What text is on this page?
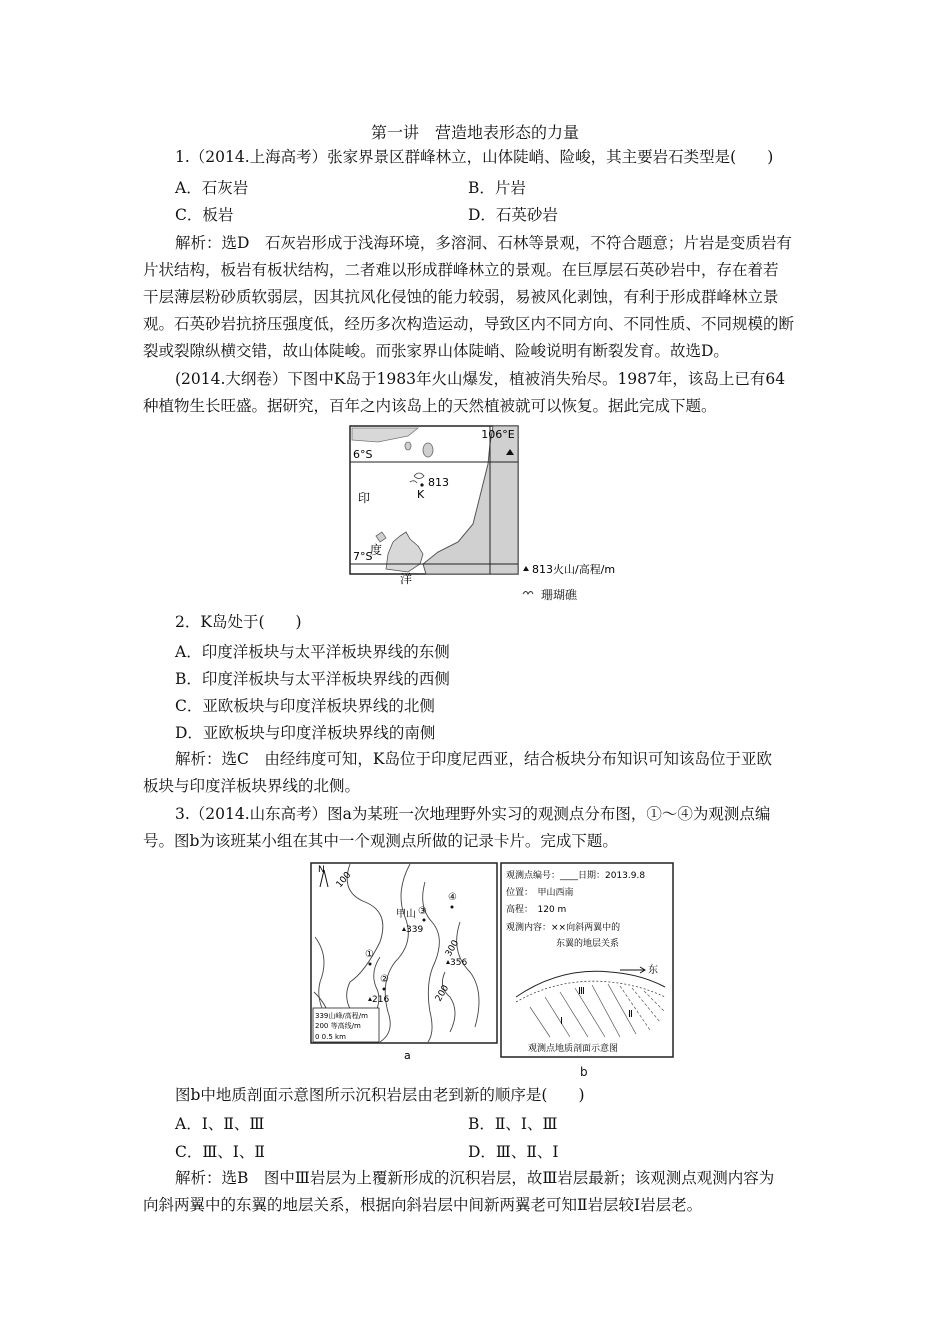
第一讲　营造地表形态的力量
1.（2014.上海高考）张家界景区群峰林立，山体陡峭、险峻，其主要岩石类型是(　　)
A．石灰岩	B．片岩
C．板岩	D．石英砂岩
解析：选D　石灰岩形成于浅海环境，多溶洞、石林等景观，不符合题意；片岩是变质岩有
片状结构，板岩有板状结构，二者难以形成群峰林立的景观。在巨厚层石英砂岩中，存在着若
干层薄层粉砂质软弱层，因其抗风化侵蚀的能力较弱，易被风化剥蚀，有利于形成群峰林立景
观。石英砂岩抗挤压强度低，经历多次构造运动，导致区内不同方向、不同性质、不同规模的断
裂或裂隙纵横交错，故山体陡峻。而张家界山体陡峭、险峻说明有断裂发育。故选D。
(2014.大纲卷）下图中K岛于1983年火山爆发，植被消失殆尽。1987年，该岛上已有64
种植物生长旺盛。据研究，百年之内该岛上的天然植被就可以恢复。据此完成下题。
106°E
6°S
7°S
K
813
印
度
洋
813火山/高程/m
珊瑚礁
2．K岛处于(　　)
A．印度洋板块与太平洋板块界线的东侧
B．印度洋板块与太平洋板块界线的西侧
C．亚欧板块与印度洋板块界线的北侧
D．亚欧板块与印度洋板块界线的南侧
解析：选C　由经纬度可知，K岛位于印度尼西亚，结合板块分布知识可知该岛位于亚欧
板块与印度洋板块界线的北侧。
3.（2014.山东高考）图a为某班一次地理野外实习的观测点分布图，①～④为观测点编
号。图b为该班某小组在其中一个观测点所做的记录卡片。完成下题。
N
100
300
200
④
③
甲山
339
①
②
216
356
339山峰/高程/m
200 等高线/m
0 0.5 km
a
观测点编号：____日期：2013.9.8
位置：　甲山西南
高程：　120 m
观测内容：××向斜两翼中的
东翼的地层关系
东
Ⅲ
Ⅰ
Ⅱ
观测点地质剖面示意图
b
图b中地质剖面示意图所示沉积岩层由老到新的顺序是(　　)
A．Ⅰ、Ⅱ、Ⅲ	B．Ⅱ、Ⅰ、Ⅲ
C．Ⅲ、Ⅰ、Ⅱ	D．Ⅲ、Ⅱ、Ⅰ
解析：选B　图中Ⅲ岩层为上覆新形成的沉积岩层，故Ⅲ岩层最新；该观测点观测内容为
向斜两翼中的东翼的地层关系，根据向斜岩层中间新两翼老可知Ⅱ岩层较Ⅰ岩层老。
